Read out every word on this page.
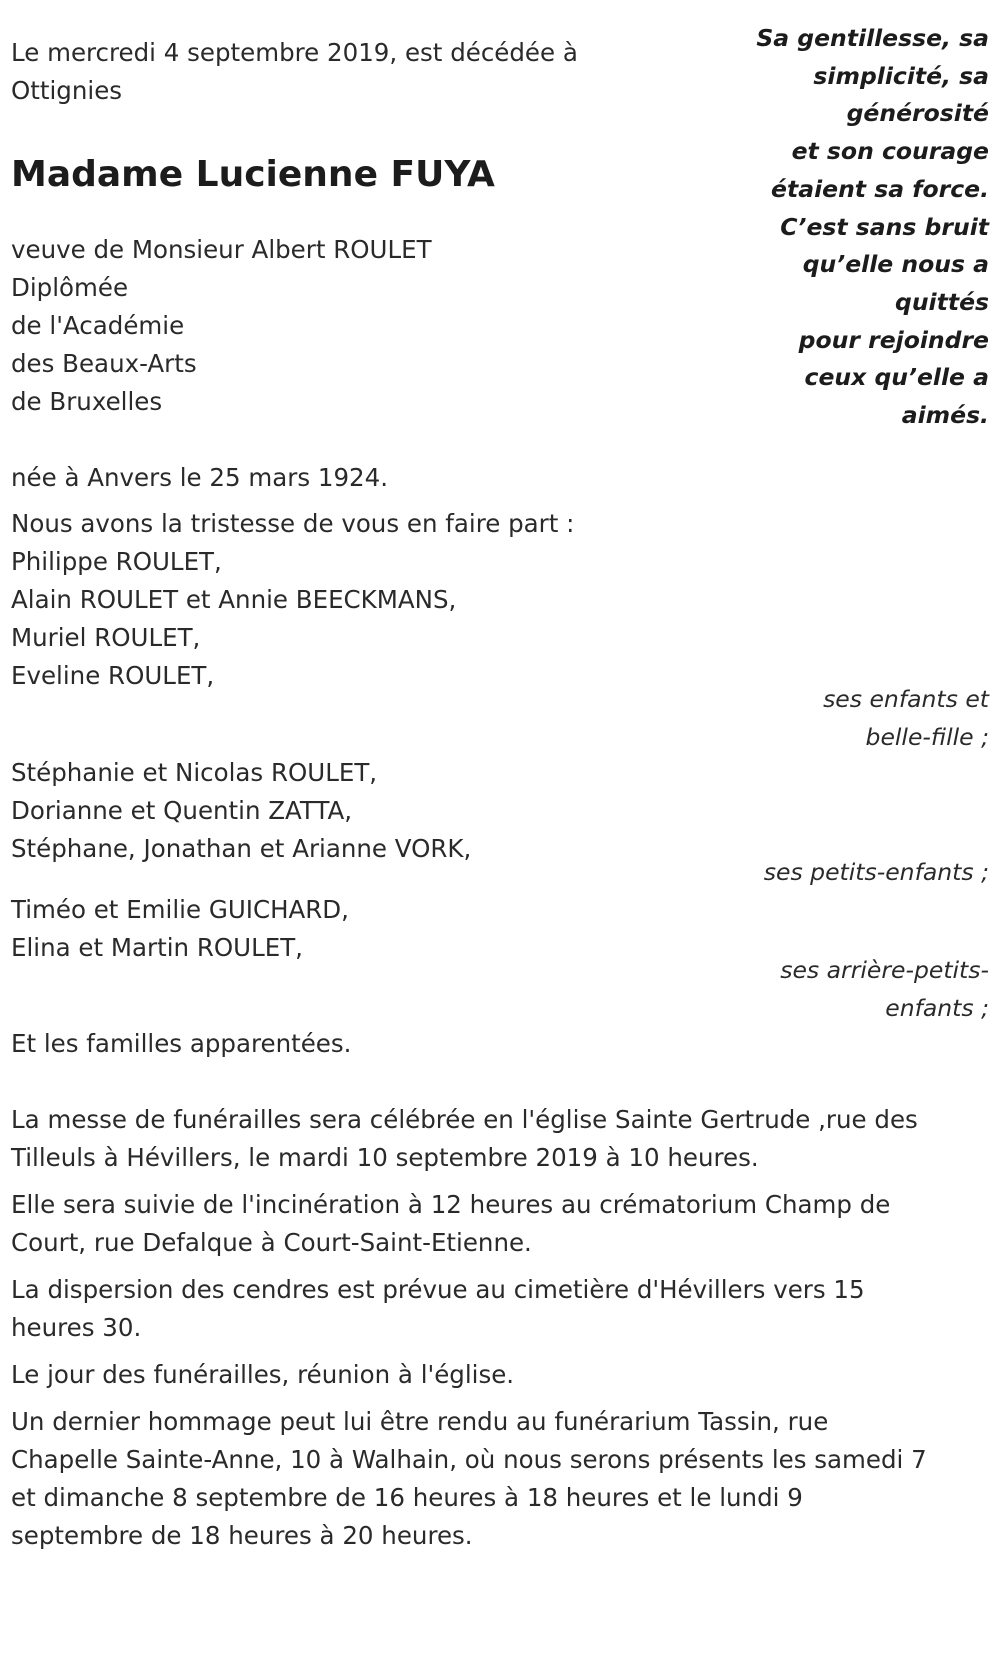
Le mercredi 4 septembre 2019, est décédée à

Ottignies

Madame Lucienne FUYA

veuve de Monsieur Albert ROULET

Diplômée

de l'Académie

des Beaux-Arts

de Bruxelles

née à Anvers le 25 mars 1924.

Nous avons la tristesse de vous en faire part :

Sa gentillesse, sa
simplicité, sa
générosité
et son courage
étaient sa force.
C’est sans bruit
qu’elle nous a
quittés
pour rejoindre
ceux qu’elle a
aimés.

Philippe ROULET,

Alain ROULET et Annie BEECKMANS,

Muriel ROULET,

Eveline ROULET,

ses enfants et
belle-fille ;

Stéphanie et Nicolas ROULET,

Dorianne et Quentin ZATTA,

Stéphane, Jonathan et Arianne VORK,

ses petits-enfants ;

Timéo et Emilie GUICHARD,

Elina et Martin ROULET,

ses arrière-petits-
enfants ;

Et les familles apparentées.

La messe de funérailles sera célébrée en l'église Sainte Gertrude ,rue des
Tilleuls à Hévillers, le mardi 10 septembre 2019 à 10 heures.
Elle sera suivie de l'incinération à 12 heures au crématorium Champ de
Court, rue Defalque à Court-Saint-Etienne.
La dispersion des cendres est prévue au cimetière d'Hévillers vers 15
heures 30.

Le jour des funérailles, réunion à l'église.

Un dernier hommage peut lui être rendu au funérarium Tassin, rue
Chapelle Sainte-Anne, 10 à Walhain, où nous serons présents les samedi 7
et dimanche 8 septembre de 16 heures à 18 heures et le lundi 9
septembre de 18 heures à 20 heures.
